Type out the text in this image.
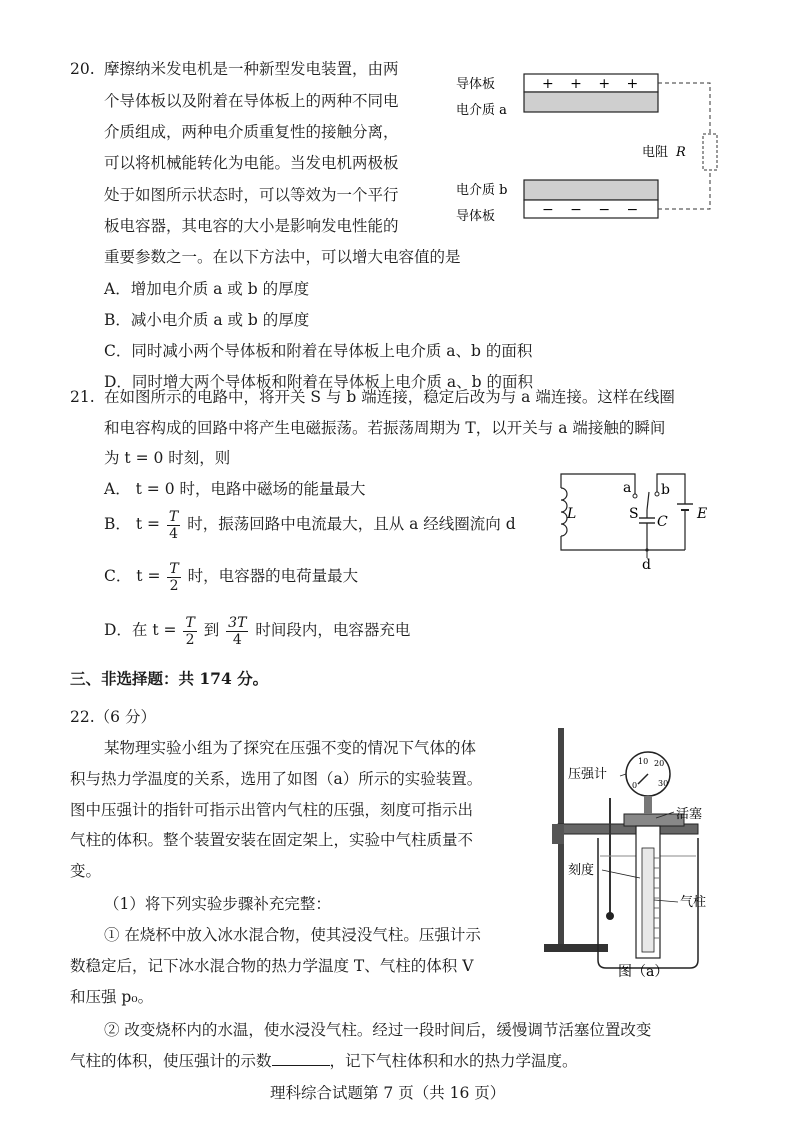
20. 摩擦纳米发电机是一种新型发电装置，由两
个导体板以及附着在导体板上的两种不同电
介质组成，两种电介质重复性的接触分离，
可以将机械能转化为电能。当发电机两极板
处于如图所示状态时，可以等效为一个平行
板电容器，其电容的大小是影响发电性能的
重要参数之一。在以下方法中，可以增大电容值的是
A．增加电介质 a 或 b 的厚度
B．减小电介质 a 或 b 的厚度
C．同时减小两个导体板和附着在导体板上电介质 a、b 的面积
D．同时增大两个导体板和附着在导体板上电介质 a、b 的面积
+ + + +
− − − −
导体板
电介质 a
电阻 R
电介质 b
导体板
21. 在如图所示的电路中，将开关 S 与 b 端连接，稳定后改为与 a 端连接。这样在线圈
和电容构成的回路中将产生电磁振荡。若振荡周期为 T，以开关与 a 端接触的瞬间
为 t = 0 时刻，则
A． t = 0 时，电路中磁场的能量最大
B． $t = \frac{T}{4}$ 时，振荡回路中电流最大，且从 a 经线圈流向 d
C． $t = \frac{T}{2}$ 时，电容器的电荷量最大
D．在 $t = \frac{T}{2}$ 到 $\frac{3T}{4}$ 时间段内，电容器充电
L
a b
S C E
d
三、非选择题：共 174 分。
22.（6 分）
某物理实验小组为了探究在压强不变的情况下气体的体
积与热力学温度的关系，选用了如图（a）所示的实验装置。
图中压强计的指针可指示出管内气柱的压强，刻度可指示出
气柱的体积。整个装置安装在固定架上，实验中气柱质量不
变。
（1）将下列实验步骤补充完整：
① 在烧杯中放入冰水混合物，使其浸没气柱。压强计示
数稳定后，记下冰水混合物的热力学温度 T、气柱的体积 V
和压强 p₀。
② 改变烧杯内的水温，使水浸没气柱。经过一段时间后，缓慢调节活塞位置改变
气柱的体积，使压强计的示数	，记下气柱体积和水的热力学温度。
10 20
30
0
压强计
活塞
刻度
气柱
图（a）
理科综合试题第 7 页（共 16 页）
